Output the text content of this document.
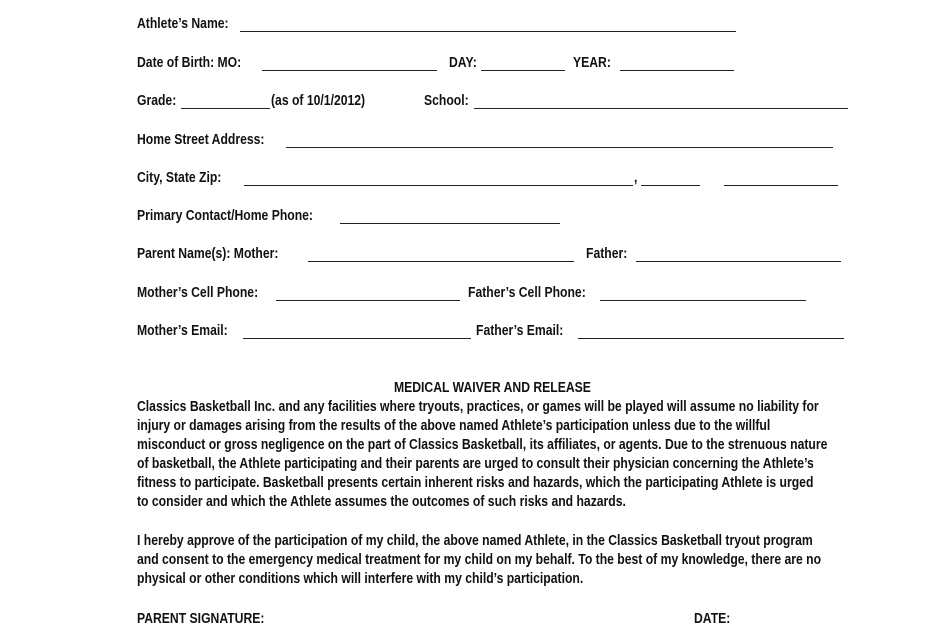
Athlete’s Name:
Date of Birth: MO:	DAY:	YEAR:
Grade:	(as of 10/1/2012)	School:
Home Street Address:
City, State Zip:	,
Primary Contact/Home Phone:
Parent Name(s): Mother:	Father:
Mother’s Cell Phone:	Father’s Cell Phone:
Mother’s Email:	Father’s Email:
MEDICAL WAIVER AND RELEASE
Classics Basketball Inc. and any facilities where tryouts, practices, or games will be played will assume no liability for
injury or damages arising from the results of the above named Athlete’s participation unless due to the willful
misconduct or gross negligence on the part of Classics Basketball, its affiliates, or agents. Due to the strenuous nature
of basketball, the Athlete participating and their parents are urged to consult their physician concerning the Athlete’s
fitness to participate. Basketball presents certain inherent risks and hazards, which the participating Athlete is urged
to consider and which the Athlete assumes the outcomes of such risks and hazards.
I hereby approve of the participation of my child, the above named Athlete, in the Classics Basketball tryout program
and consent to the emergency medical treatment for my child on my behalf. To the best of my knowledge, there are no
physical or other conditions which will interfere with my child’s participation.
PARENT SIGNATURE:	DATE:
